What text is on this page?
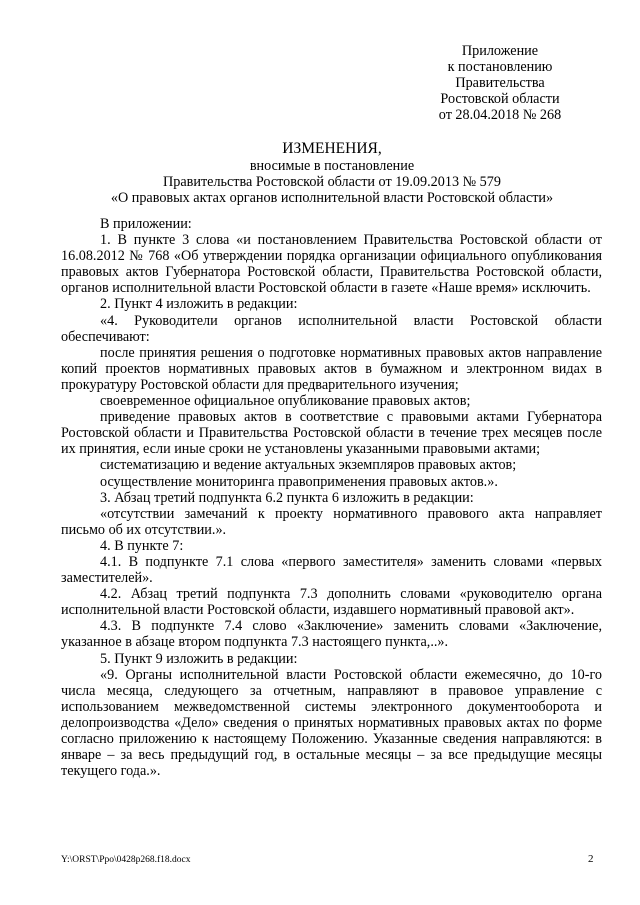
Приложение
к постановлению
Правительства
Ростовской области
от 28.04.2018 № 268
ИЗМЕНЕНИЯ,
вносимые в постановление
Правительства Ростовской области от 19.09.2013 № 579
«О правовых актах органов исполнительной власти Ростовской области»

В приложении:

1. В пункте 3 слова «и постановлением Правительства Ростовской области от 16.08.2012 № 768 «Об утверждении порядка организации официального опубликования правовых актов Губернатора Ростовской области, Правительства Ростовской области, органов исполнительной власти Ростовской области в газете «Наше время» исключить.

2. Пункт 4 изложить в редакции:

«4. Руководители органов исполнительной власти Ростовской области обеспечивают:

после принятия решения о подготовке нормативных правовых актов направление копий проектов нормативных правовых актов в бумажном и электронном видах в прокуратуру Ростовской области для предварительного изучения;

своевременное официальное опубликование правовых актов;

приведение правовых актов в соответствие с правовыми актами Губернатора Ростовской области и Правительства Ростовской области в течение трех месяцев после их принятия, если иные сроки не установлены указанными правовыми актами;

систематизацию и ведение актуальных экземпляров правовых актов;

осуществление мониторинга правоприменения правовых актов.».

3. Абзац третий подпункта 6.2 пункта 6 изложить в редакции:

«отсутствии замечаний к проекту нормативного правового акта направляет письмо об их отсутствии.».

4. В пункте 7:

4.1. В подпункте 7.1 слова «первого заместителя» заменить словами «первых заместителей».

4.2. Абзац третий подпункта 7.3 дополнить словами «руководителю органа исполнительной власти Ростовской области, издавшего нормативный правовой акт».

4.3. В подпункте 7.4 слово «Заключение» заменить словами «Заключение, указанное в абзаце втором подпункта 7.3 настоящего пункта,..».

5. Пункт 9 изложить в редакции:

«9. Органы исполнительной власти Ростовской области ежемесячно, до 10-го числа месяца, следующего за отчетным, направляют в правовое управление с использованием межведомственной системы электронного документооборота и делопроизводства «Дело» сведения о принятых нормативных правовых актах по форме согласно приложению к настоящему Положению. Указанные сведения направляются: в январе – за весь предыдущий год, в остальные месяцы – за все предыдущие месяцы текущего года.».

Y:\ORST\Ppo\0428p268.f18.docx	2
